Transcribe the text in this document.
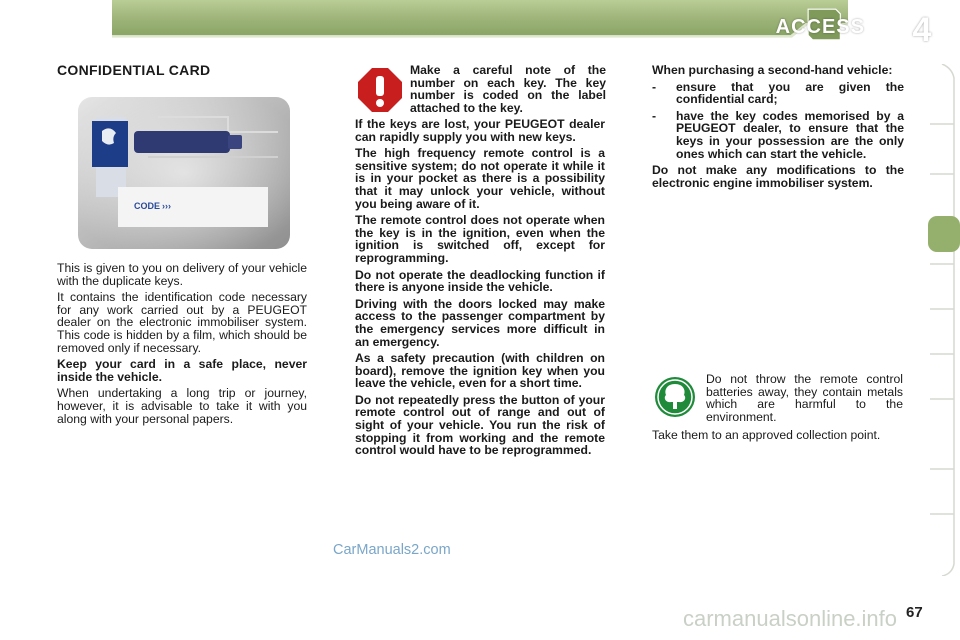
ACCESS	4
CONFIDENTIAL CARD
CODE ›››

This is given to you on delivery of your vehicle with the duplicate keys.

It contains the identification code necessary for any work carried out by a PEUGEOT dealer on the electronic immobiliser system. This code is hidden by a film, which should be removed only if necessary.

Keep your card in a safe place, never inside the vehicle.

When undertaking a long trip or journey, however, it is advisable to take it with you along with your personal papers.

Make a careful note of the number on each key. The key number is coded on the label attached to the key.

If the keys are lost, your PEUGEOT dealer can rapidly supply you with new keys.

The high frequency remote control is a sensitive system; do not operate it while it is in your pocket as there is a possibility that it may unlock your vehicle, without you being aware of it.

The remote control does not operate when the key is in the ignition, even when the ignition is switched off, except for reprogramming.

Do not operate the deadlocking function if there is anyone inside the vehicle.

Driving with the doors locked may make access to the passenger compartment by the emergency services more difficult in an emergency.

As a safety precaution (with children on board), remove the ignition key when you leave the vehicle, even for a short time.

Do not repeatedly press the button of your remote control out of range and out of sight of your vehicle. You run the risk of stopping it from working and the remote control would have to be reprogrammed.

When purchasing a second-hand vehicle:

-	ensure that you are given the confidential card;
-	have the key codes memorised by a PEUGEOT dealer, to ensure that the keys in your possession are the only ones which can start the vehicle.

Do not make any modifications to the electronic engine immobiliser system.

Do not throw the remote control batteries away, they contain metals which are harmful to the environment.
Take them to an approved collection point.
CarManuals2.com
carmanualsonline.info 67
